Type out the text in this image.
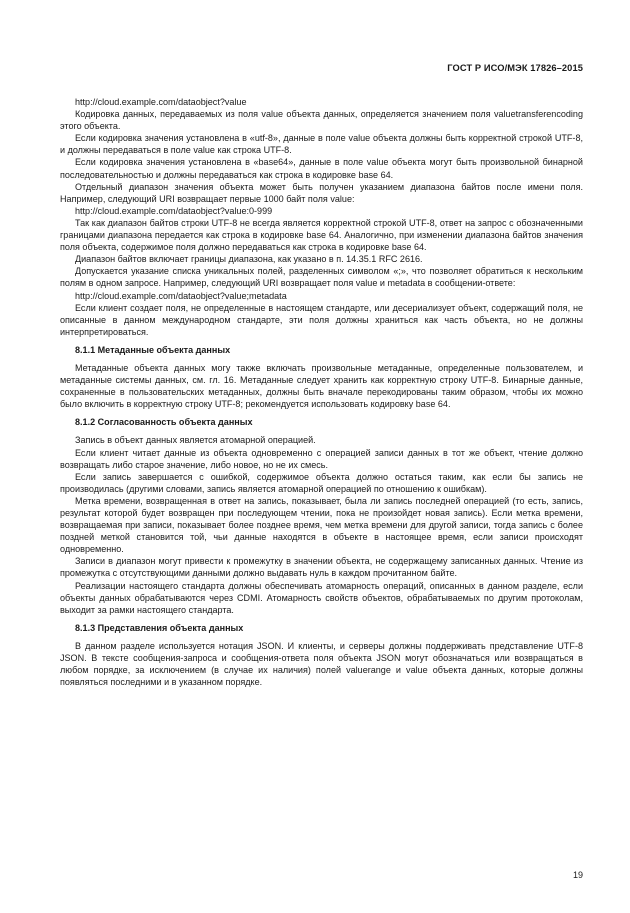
ГОСТ Р ИСО/МЭК 17826–2015

http://cloud.example.com/dataobject?value

Кодировка данных, передаваемых из поля value объекта данных, определяется значением поля valuetransferencoding этого объекта.

Если кодировка значения установлена в «utf-8», данные в поле value объекта должны быть корректной строкой UTF-8, и должны передаваться в поле value как строка UTF-8.

Если кодировка значения установлена в «base64», данные в поле value объекта могут быть произвольной бинарной последовательностью и должны передаваться как строка в кодировке base 64.

Отдельный диапазон значения объекта может быть получен указанием диапазона байтов после имени поля. Например, следующий URI возвращает первые 1000 байт поля value:

http://cloud.example.com/dataobject?value:0-999

Так как диапазон байтов строки UTF-8 не всегда является корректной строкой UTF-8, ответ на запрос с обозначенными границами диапазона передается как строка в кодировке base 64. Аналогично, при изменении диапазона байтов значения поля объекта, содержимое поля должно передаваться как строка в кодировке base 64.

Диапазон байтов включает границы диапазона, как указано в п. 14.35.1 RFC 2616.

Допускается указание списка уникальных полей, разделенных символом «;», что позволяет обратиться к нескольким полям в одном запросе. Например, следующий URI возвращает поля value и metadata в сообщении-ответе:

http://cloud.example.com/dataobject?value;metadata

Если клиент создает поля, не определенные в настоящем стандарте, или десериализует объект, содержащий поля, не описанные в данном международном стандарте, эти поля должны храниться как часть объекта, но не должны интерпретироваться.

8.1.1 Метаданные объекта данных

Метаданные объекта данных могу также включать произвольные метаданные, определенные пользователем, и метаданные системы данных, см. гл. 16. Метаданные следует хранить как корректную строку UTF-8. Бинарные данные, сохраненные в пользовательских метаданных, должны быть вначале перекодированы таким образом, чтобы их можно было включить в корректную строку UTF-8; рекомендуется использовать кодировку base 64.

8.1.2 Согласованность объекта данных

Запись в объект данных является атомарной операцией.

Если клиент читает данные из объекта одновременно с операцией записи данных в тот же объект, чтение должно возвращать либо старое значение, либо новое, но не их смесь.

Если запись завершается с ошибкой, содержимое объекта должно остаться таким, как если бы запись не производилась (другими словами, запись является атомарной операцией по отношению к ошибкам).

Метка времени, возвращенная в ответ на запись, показывает, была ли запись последней операцией (то есть, запись, результат которой будет возвращен при последующем чтении, пока не произойдет новая запись). Если метка времени, возвращаемая при записи, показывает более позднее время, чем метка времени для другой записи, тогда запись с более поздней меткой становится той, чьи данные находятся в объекте в настоящее время, если записи происходят одновременно.

Записи в диапазон могут привести к промежутку в значении объекта, не содержащему записанных данных. Чтение из промежутка с отсутствующими данными должно выдавать нуль в каждом прочитанном байте.

Реализации настоящего стандарта должны обеспечивать атомарность операций, описанных в данном разделе, если объекты данных обрабатываются через CDMI. Атомарность свойств объектов, обрабатываемых по другим протоколам, выходит за рамки настоящего стандарта.

8.1.3 Представления объекта данных

В данном разделе используется нотация JSON. И клиенты, и серверы должны поддерживать представление UTF-8 JSON. В тексте сообщения-запроса и сообщения-ответа поля объекта JSON могут обозначаться или возвращаться в любом порядке, за исключением (в случае их наличия) полей valuerange и value объекта данных, которые должны появляться последними и в указанном порядке.

19
